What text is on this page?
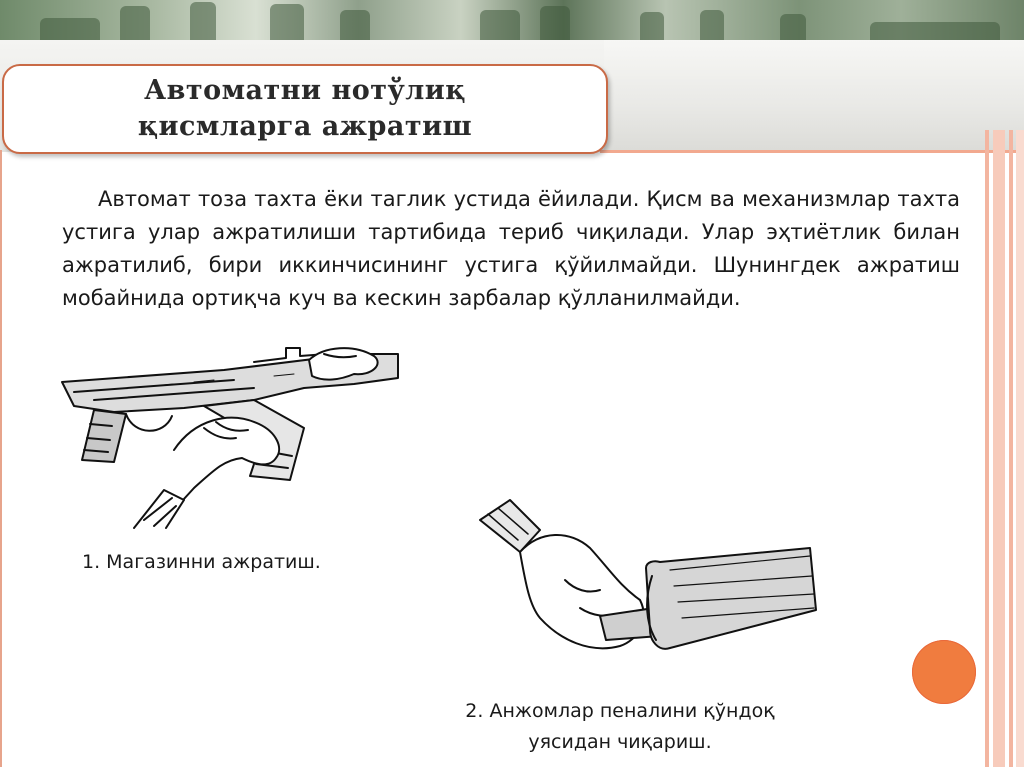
Автоматни нотўлиқ
қисмларга ажратиш
Автомат тоза тахта ёки таглик устида ёйилади. Қисм ва механизмлар тахта устига улар ажратилиши тартибида териб чиқилади. Улар эҳтиётлик билан ажратилиб, бири иккинчисининг устига қўйилмайди. Шунингдек ажратиш мобайнида ортиқча куч ва кескин зарбалар қўлланилмайди.
1. Магазинни ажратиш.
2. Анжомлар пеналини қўндоқ
уясидан чиқариш.
